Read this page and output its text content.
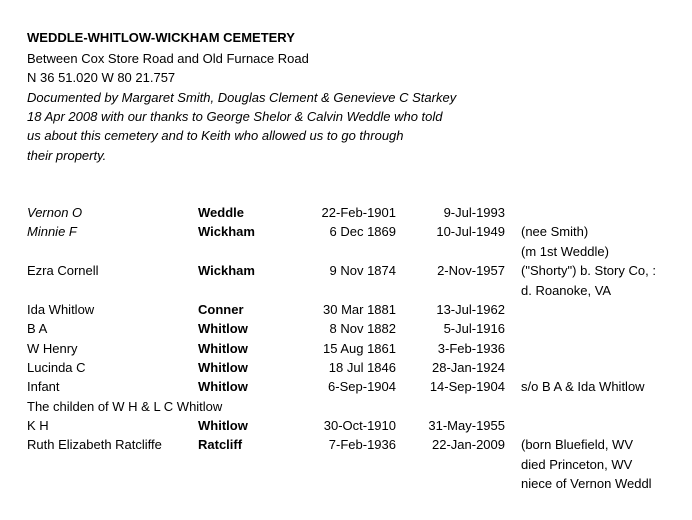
WEDDLE-WHITLOW-WICKHAM CEMETERY
Between Cox Store Road and Old Furnace Road
N 36 51.020 W 80 21.757
Documented by Margaret Smith, Douglas Clement & Genevieve C Starkey
18 Apr 2008 with our thanks to George Shelor & Calvin Weddle who told
us about this cemetery and to Keith who allowed us to go through
their property.
Vernon O	Weddle	22-Feb-1901	9-Jul-1993
Minnie F	Wickham	6 Dec 1869	10-Jul-1949 (nee Smith)
(m 1st Weddle)
Ezra Cornell	Wickham	9 Nov 1874	2-Nov-1957 ("Shorty") b. Story Co, :
d. Roanoke, VA
Ida Whitlow	Conner	30 Mar 1881	13-Jul-1962
B A	Whitlow	8 Nov 1882	5-Jul-1916
W Henry	Whitlow	15 Aug 1861	3-Feb-1936
Lucinda C	Whitlow	18 Jul 1846	28-Jan-1924
Infant	Whitlow	6-Sep-1904	14-Sep-1904 s/o B A & Ida Whitlow
The childen of W H & L C Whitlow
K H	Whitlow	30-Oct-1910	31-May-1955
Ruth Elizabeth Ratcliffe	Ratcliff	7-Feb-1936	22-Jan-2009 (born Bluefield, WV
died Princeton, WV
niece of Vernon Weddl
